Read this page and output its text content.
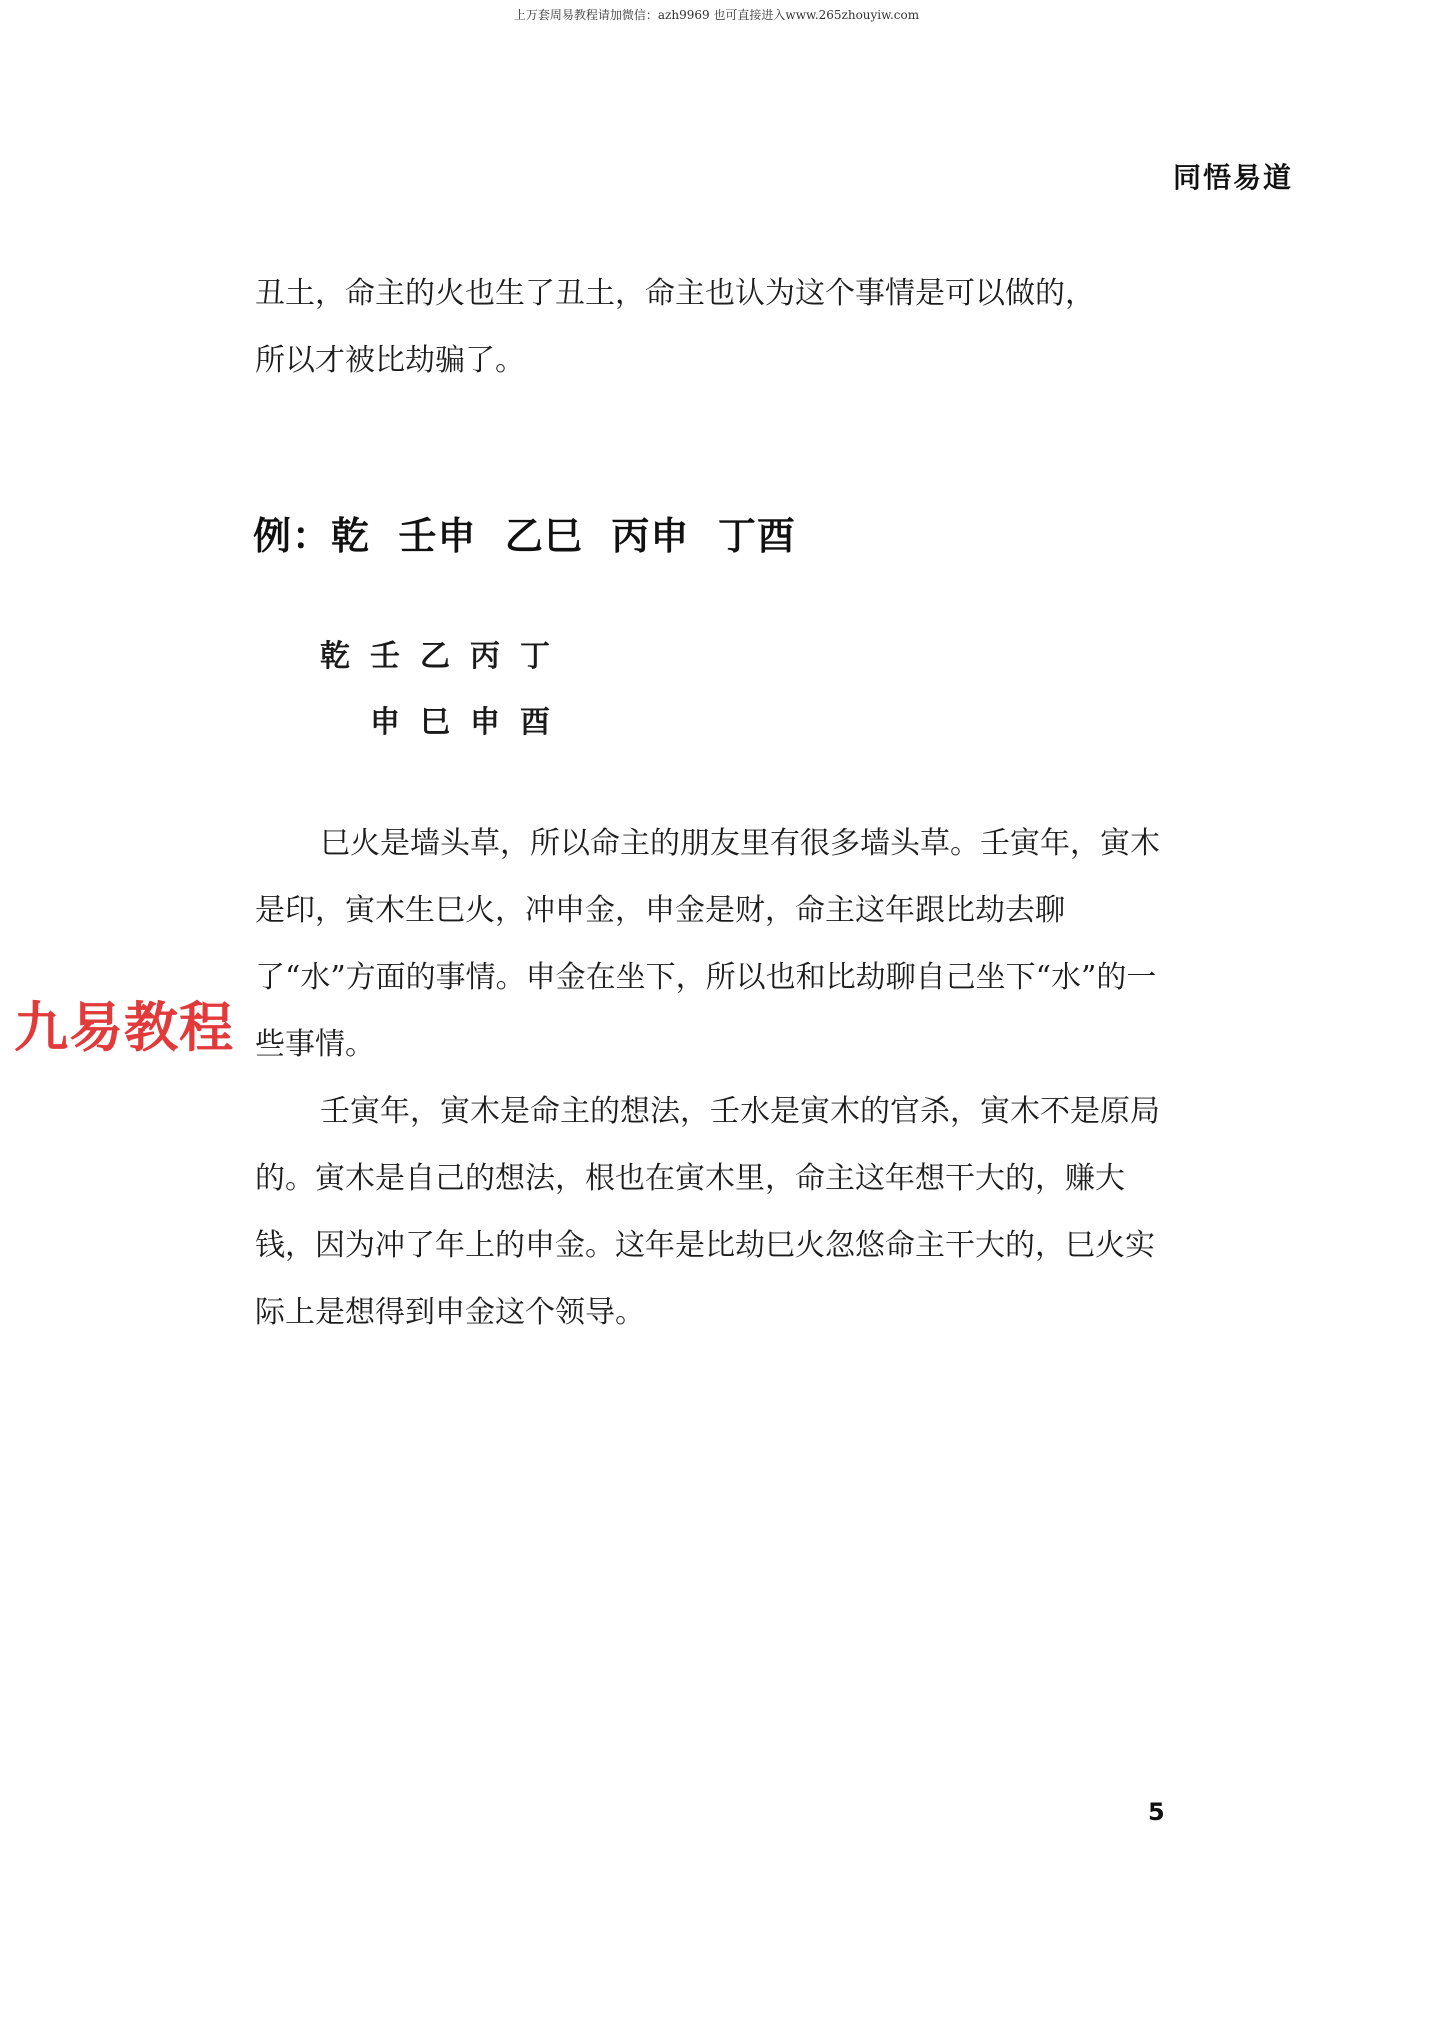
上万套周易教程请加微信：azh9969 也可直接进入www.265zhouyiw.com
同悟易道
丑土，命主的火也生了丑土，命主也认为这个事情是可以做的，
所以才被比劫骗了。
例：乾  壬申  乙巳  丙申  丁酉
乾 壬 乙 丙 丁
申 巳 申 酉

巳火是墙头草，所以命主的朋友里有很多墙头草。壬寅年，寅木是印，寅木生巳火，冲申金，申金是财，命主这年跟比劫去聊了“水”方面的事情。申金在坐下，所以也和比劫聊自己坐下“水”的一些事情。

壬寅年，寅木是命主的想法，壬水是寅木的官杀，寅木不是原局的。寅木是自己的想法，根也在寅木里，命主这年想干大的，赚大钱，因为冲了年上的申金。这年是比劫巳火忽悠命主干大的，巳火实际上是想得到申金这个领导。

九易教程
5
